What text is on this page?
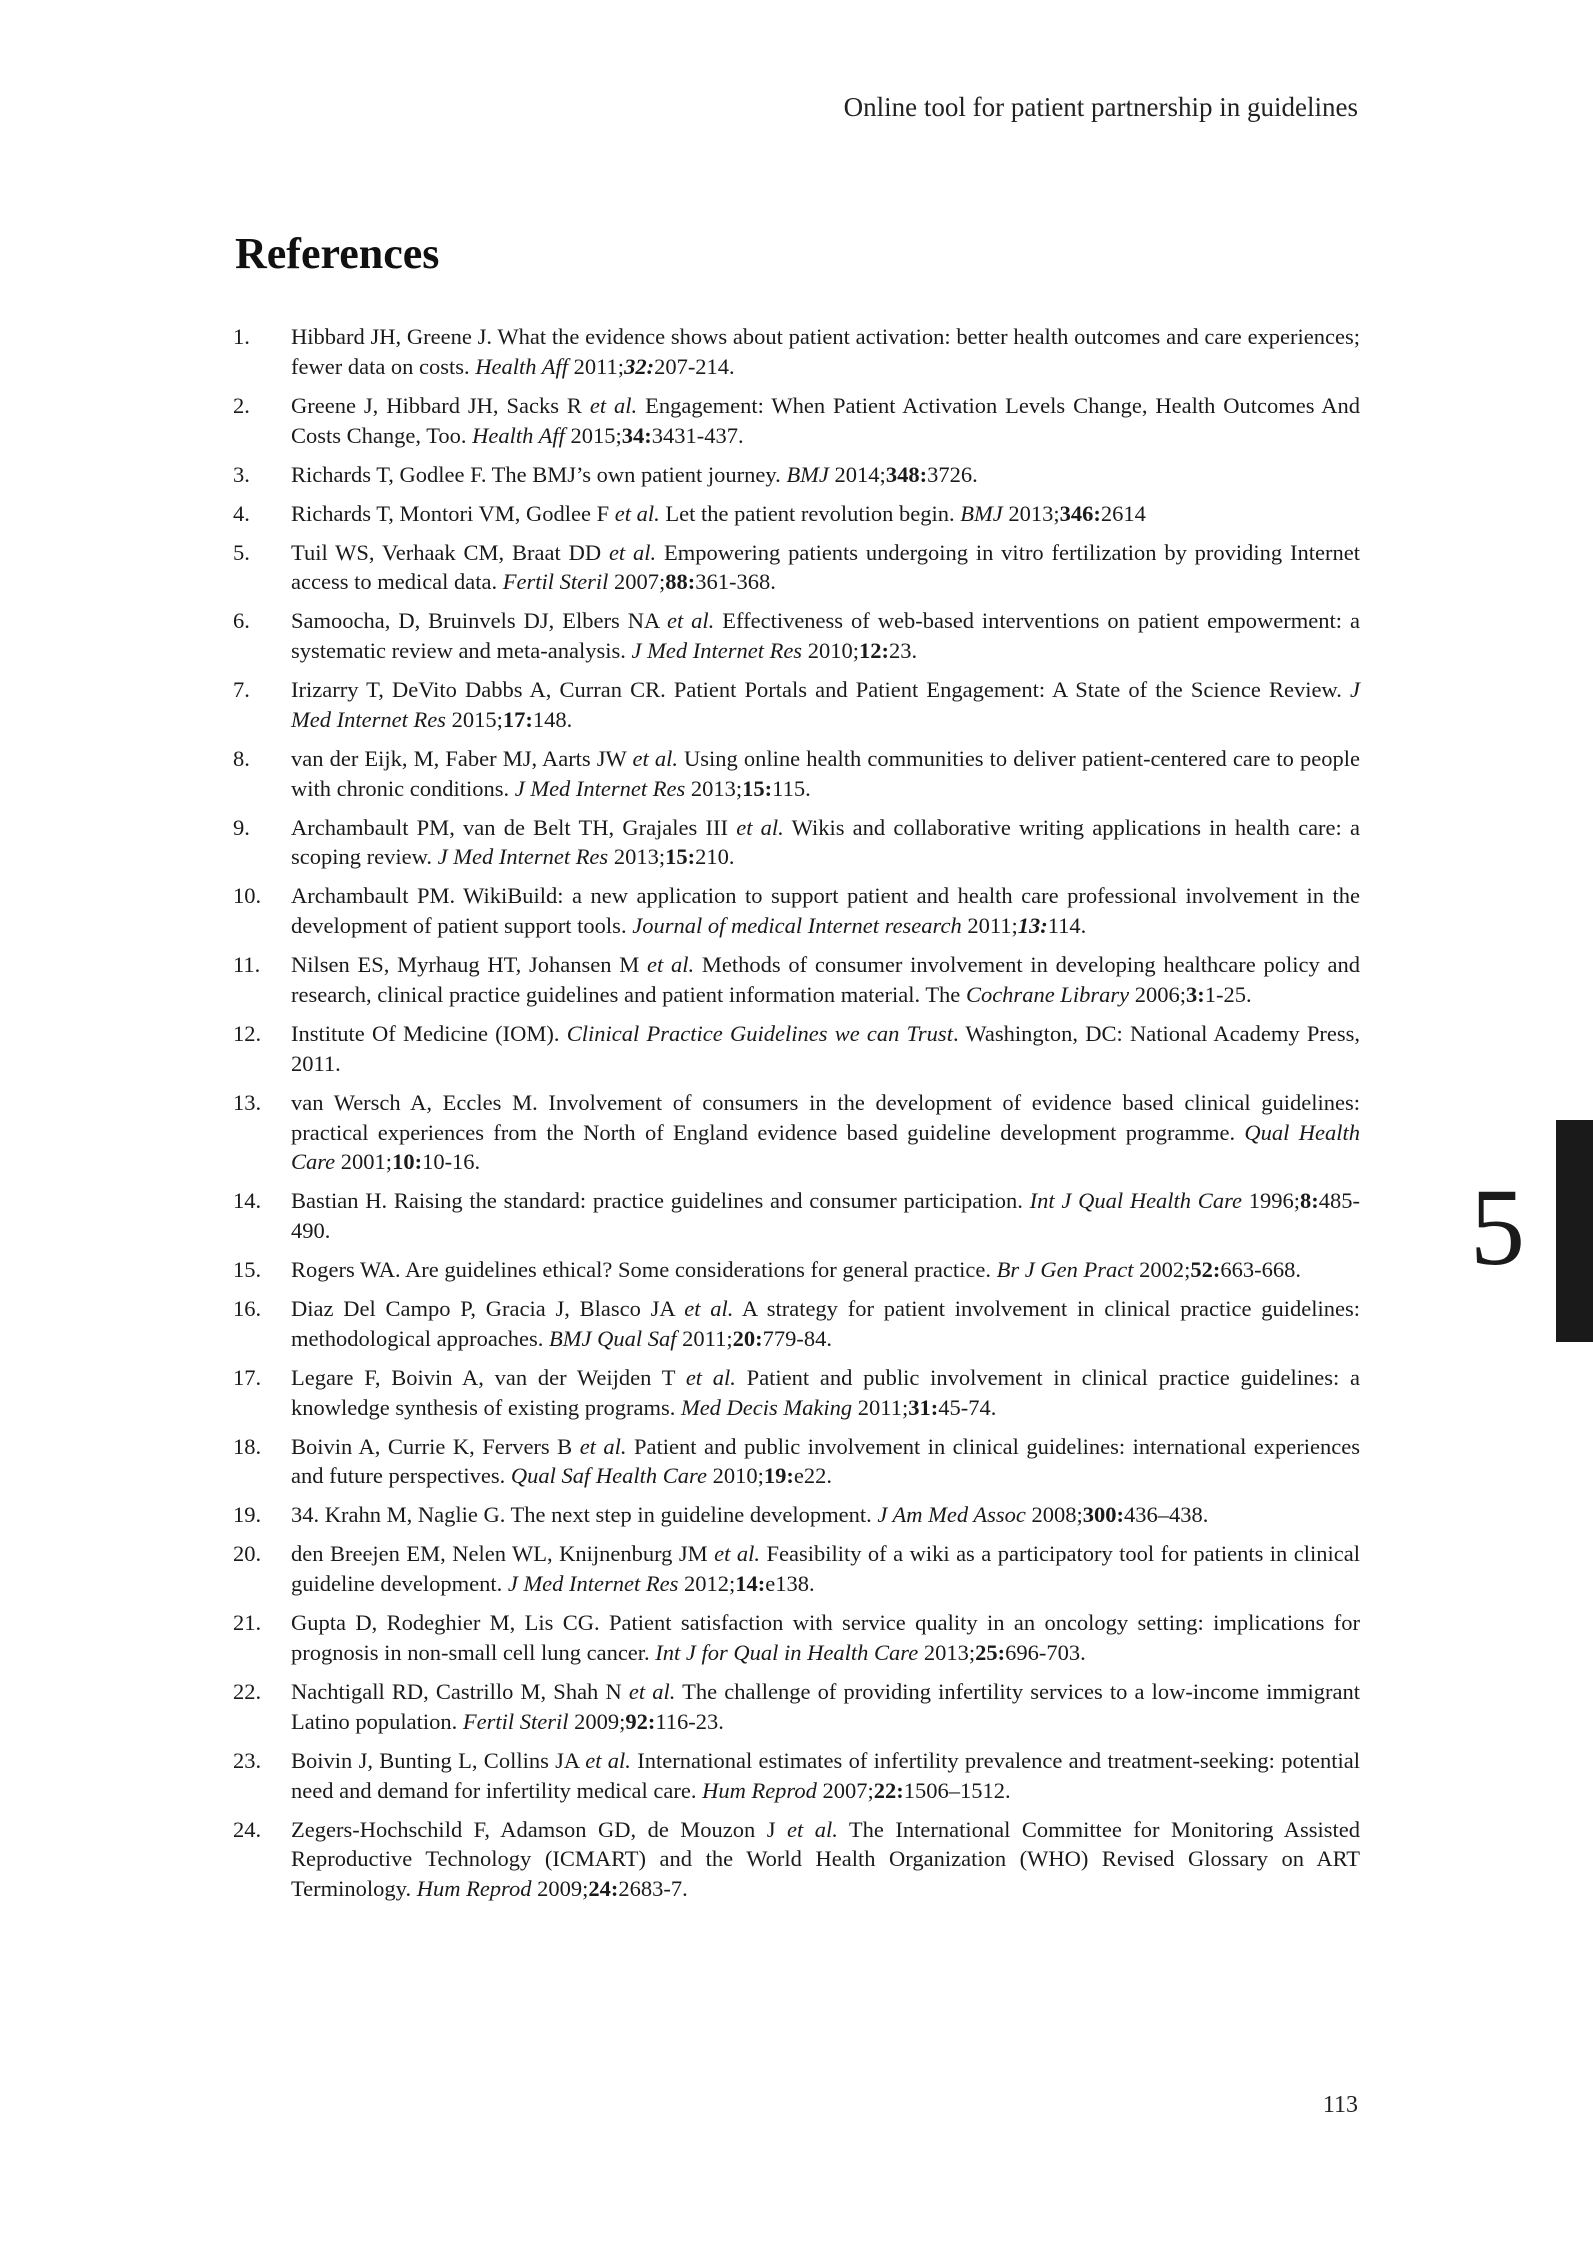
Online tool for patient partnership in guidelines
References
1.	Hibbard JH, Greene J. What the evidence shows about patient activation: better health outcomes and care experiences; fewer data on costs. Health Aff 2011;32:207-214.
2.	Greene J, Hibbard JH, Sacks R et al. Engagement: When Patient Activation Levels Change, Health Outcomes And Costs Change, Too. Health Aff 2015;34:3431-437.
3.	Richards T, Godlee F. The BMJ’s own patient journey. BMJ 2014;348:3726.
4.	Richards T, Montori VM, Godlee F et al. Let the patient revolution begin. BMJ 2013;346:2614
5.	Tuil WS, Verhaak CM, Braat DD et al. Empowering patients undergoing in vitro fertilization by providing Internet access to medical data. Fertil Steril 2007;88:361-368.
6.	Samoocha, D, Bruinvels DJ, Elbers NA et al. Effectiveness of web-based interventions on patient empowerment: a systematic review and meta-analysis. J Med Internet Res 2010;12:23.
7.	Irizarry T, DeVito Dabbs A, Curran CR. Patient Portals and Patient Engagement: A State of the Science Review. J Med Internet Res 2015;17:148.
8.	van der Eijk, M, Faber MJ, Aarts JW et al. Using online health communities to deliver patient-centered care to people with chronic conditions. J Med Internet Res 2013;15:115.
9.	Archambault PM, van de Belt TH, Grajales III et al. Wikis and collaborative writing applications in health care: a scoping review. J Med Internet Res 2013;15:210.
10.	Archambault PM. WikiBuild: a new application to support patient and health care professional involvement in the development of patient support tools. Journal of medical Internet research 2011;13:114.
11.	Nilsen ES, Myrhaug HT, Johansen M et al. Methods of consumer involvement in developing healthcare policy and research, clinical practice guidelines and patient information material. The Cochrane Library 2006;3:1-25.
12.	Institute Of Medicine (IOM). Clinical Practice Guidelines we can Trust. Washington, DC: National Academy Press, 2011.
13.	van Wersch A, Eccles M. Involvement of consumers in the development of evidence based clinical guidelines: practical experiences from the North of England evidence based guideline development programme. Qual Health Care 2001;10:10-16.
14.	Bastian H. Raising the standard: practice guidelines and consumer participation. Int J Qual Health Care 1996;8:485-490.
15.	Rogers WA. Are guidelines ethical? Some considerations for general practice. Br J Gen Pract 2002;52:663-668.
16.	Diaz Del Campo P, Gracia J, Blasco JA et al. A strategy for patient involvement in clinical practice guidelines: methodological approaches. BMJ Qual Saf 2011;20:779-84.
17.	Legare F, Boivin A, van der Weijden T et al. Patient and public involvement in clinical practice guidelines: a knowledge synthesis of existing programs. Med Decis Making 2011;31:45-74.
18.	Boivin A, Currie K, Fervers B et al. Patient and public involvement in clinical guidelines: international experiences and future perspectives. Qual Saf Health Care 2010;19:e22.
19.	34. Krahn M, Naglie G. The next step in guideline development. J Am Med Assoc 2008;300:436–438.
20.	den Breejen EM, Nelen WL, Knijnenburg JM et al. Feasibility of a wiki as a participatory tool for patients in clinical guideline development. J Med Internet Res 2012;14:e138.
21.	Gupta D, Rodeghier M, Lis CG. Patient satisfaction with service quality in an oncology setting: implications for prognosis in non-small cell lung cancer. Int J for Qual in Health Care 2013;25:696-703.
22.	Nachtigall RD, Castrillo M, Shah N et al. The challenge of providing infertility services to a low-income immigrant Latino population. Fertil Steril 2009;92:116-23.
23.	Boivin J, Bunting L, Collins JA et al. International estimates of infertility prevalence and treatment-seeking: potential need and demand for infertility medical care. Hum Reprod 2007;22:1506–1512.
24.	Zegers-Hochschild F, Adamson GD, de Mouzon J et al. The International Committee for Monitoring Assisted Reproductive Technology (ICMART) and the World Health Organization (WHO) Revised Glossary on ART Terminology. Hum Reprod 2009;24:2683-7.
5
113
